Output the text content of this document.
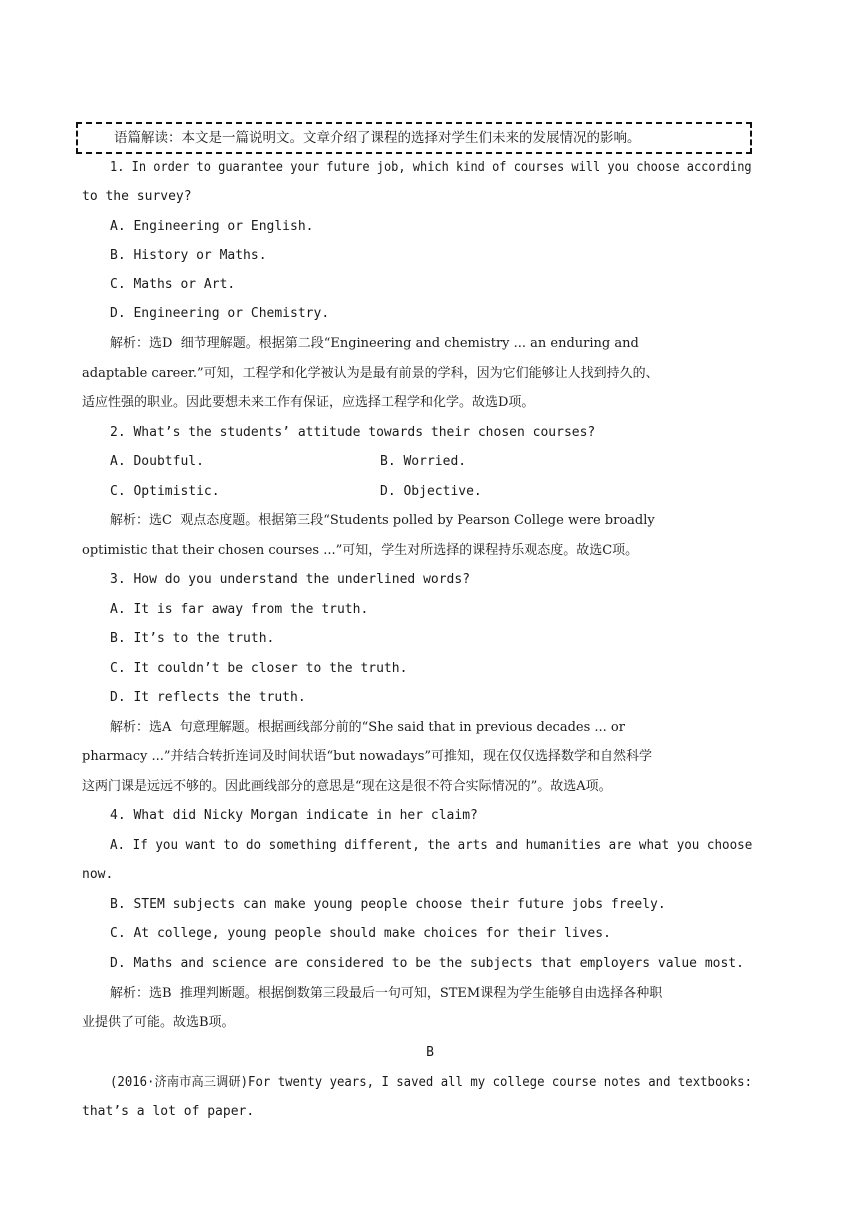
语篇解读：本文是一篇说明文。文章介绍了课程的选择对学生们未来的发展情况的影响。
1. In order to guarantee your future job, which kind of courses will you choose according
to the survey?
A. Engineering or English.
B. History or Maths.
C. Maths or Art.
D. Engineering or Chemistry.
解析：选D  细节理解题。根据第二段“Engineering and chemistry ... an enduring and
adaptable career.”可知，工程学和化学被认为是最有前景的学科，因为它们能够让人找到持久的、
适应性强的职业。因此要想未来工作有保证，应选择工程学和化学。故选D项。
2. What’s the students’ attitude towards their chosen courses?
A. Doubtful.	B. Worried.
C. Optimistic.	D. Objective.
解析：选C  观点态度题。根据第三段“Students polled by Pearson College were broadly
optimistic that their chosen courses ...”可知，学生对所选择的课程持乐观态度。故选C项。
3. How do you understand the underlined words?
A. It is far away from the truth.
B. It’s to the truth.
C. It couldn’t be closer to the truth.
D. It reflects the truth.
解析：选A  句意理解题。根据画线部分前的“She said that in previous decades ... or
pharmacy ...”并结合转折连词及时间状语“but nowadays”可推知，现在仅仅选择数学和自然科学
这两门课是远远不够的。因此画线部分的意思是“现在这是很不符合实际情况的”。故选A项。
4. What did Nicky Morgan indicate in her claim?
A. If you want to do something different, the arts and humanities are what you choose
now.
B. STEM subjects can make young people choose their future jobs freely.
C. At college, young people should make choices for their lives.
D. Maths and science are considered to be the subjects that employers value most.
解析：选B  推理判断题。根据倒数第三段最后一句可知，STEM课程为学生能够自由选择各种职
业提供了可能。故选B项。
B
(2016·济南市高三调研)For twenty years, I saved all my college course notes and textbooks:
that’s a lot of paper.
